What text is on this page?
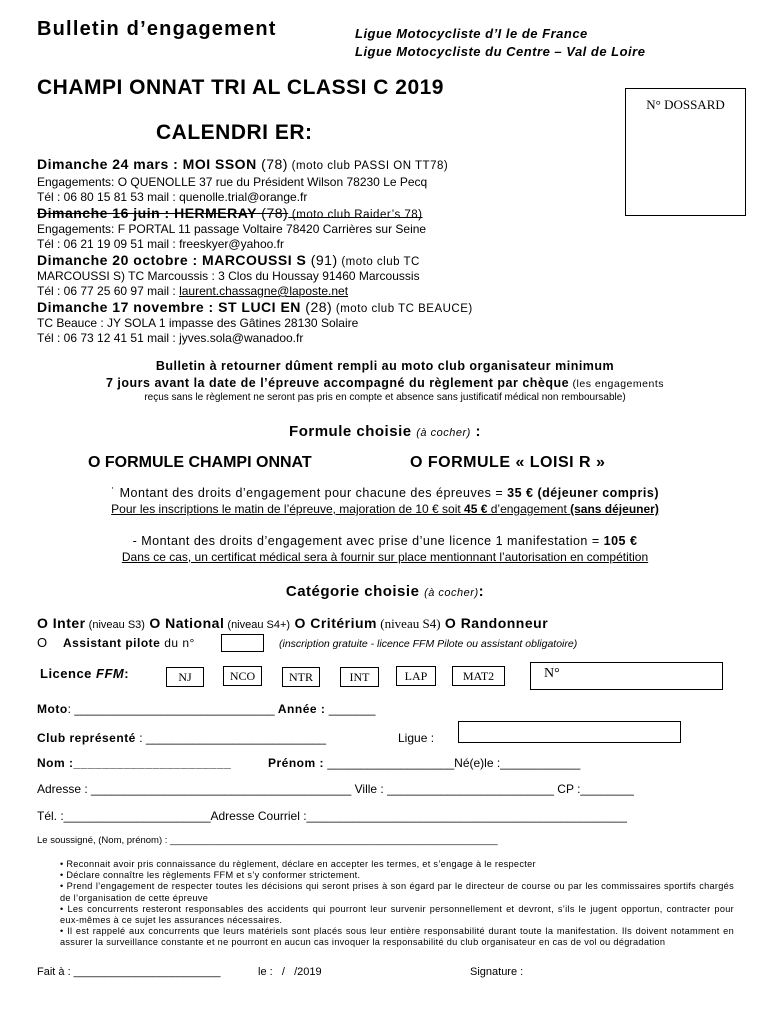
Bulletin d’engagement	Ligue Motocycliste d’I le de France
Ligue Motocycliste du Centre – Val de Loire
CHAMPI ONNAT TRI AL CLASSI C 2019
N° DOSSARD
CALENDRI ER:
Dimanche 24 mars : MOI SSON (78) (moto club PASSI ON TT78)
Engagements: O QUENOLLE 37 rue du Président Wilson 78230 Le Pecq
Tél : 06 80 15 81 53 mail : quenolle.trial@orange.fr
Dimanche 16 juin : HERMERAY (78) (moto club Raider’s 78)
Engagements: F PORTAL 11 passage Voltaire 78420 Carrières sur Seine
Tél : 06 21 19 09 51 mail : freeskyer@yahoo.fr
Dimanche 20 octobre : MARCOUSSI S (91) (moto club TC
MARCOUSSI S) TC Marcoussis : 3 Clos du Houssay 91460 Marcoussis
Tél : 06 77 25 60 97 mail : laurent.chassagne@laposte.net
Dimanche 17 novembre : ST LUCI EN (28) (moto club TC BEAUCE)
TC Beauce : JY SOLA 1 impasse des Gâtines 28130 Solaire
Tél : 06 73 12 41 51 mail : jyves.sola@wanadoo.fr
Bulletin à retourner dûment rempli au moto club organisateur minimum
7 jours avant la date de l’épreuve accompagné du règlement par chèque (les engagements
reçus sans le règlement ne seront pas pris en compte et absence sans justificatif médical non remboursable)
Formule choisie (à cocher) :
O FORMULE CHAMPI ONNAT	O FORMULE « LOISI R »
˙ Montant des droits d’engagement pour chacune des épreuves = 35 € (déjeuner compris)
Pour les inscriptions le matin de l’épreuve, majoration de 10 € soit 45 € d’engagement (sans déjeuner)
- Montant des droits d’engagement avec prise d’une licence 1 manifestation = 105 €
Dans ce cas, un certificat médical sera à fournir sur place mentionnant l’autorisation en compétition
Catégorie choisie (à cocher):
O Inter (niveau S3) O National (niveau S4+) O Critérium (niveau S4) O Randonneur
O Assistant pilote du n°	(inscription gratuite - licence FFM Pilote ou assistant obligatoire)
Licence FFM:	NJ	NCO	NTR	INT	LAP	MAT2	N°
Moto: ______________________________ Année : _______
Club représenté : ___________________________	Ligue :
Nom :______________________	Prénom : ___________________Né(e)le :____________
Adresse : _______________________________________ Ville : _________________________ CP :________
Tél. :______________________Adresse Courriel :________________________________________________
Le soussigné, (Nom, prénom) : ______________________________________________________________
• Reconnait avoir pris connaissance du règlement, déclare en accepter les termes, et s’engage à le respecter
• Déclare connaître les règlements FFM et s’y conformer strictement.
• Prend l’engagement de respecter toutes les décisions qui seront prises à son égard par le directeur de course ou par les commissaires sportifs chargés de l’organisation de cette épreuve
• Les concurrents resteront responsables des accidents qui pourront leur survenir personnellement et devront, s’ils le jugent opportun, contracter pour eux-mêmes à ce sujet les assurances nécessaires.
• Il est rappelé aux concurrents que leurs matériels sont placés sous leur entière responsabilité durant toute la manifestation. Ils doivent notamment en assurer la surveillance constante et ne pourront en aucun cas invoquer la responsabilité du club organisateur en cas de vol ou dégradation
Fait à : ________________________	le :   /   /2019	Signature :
